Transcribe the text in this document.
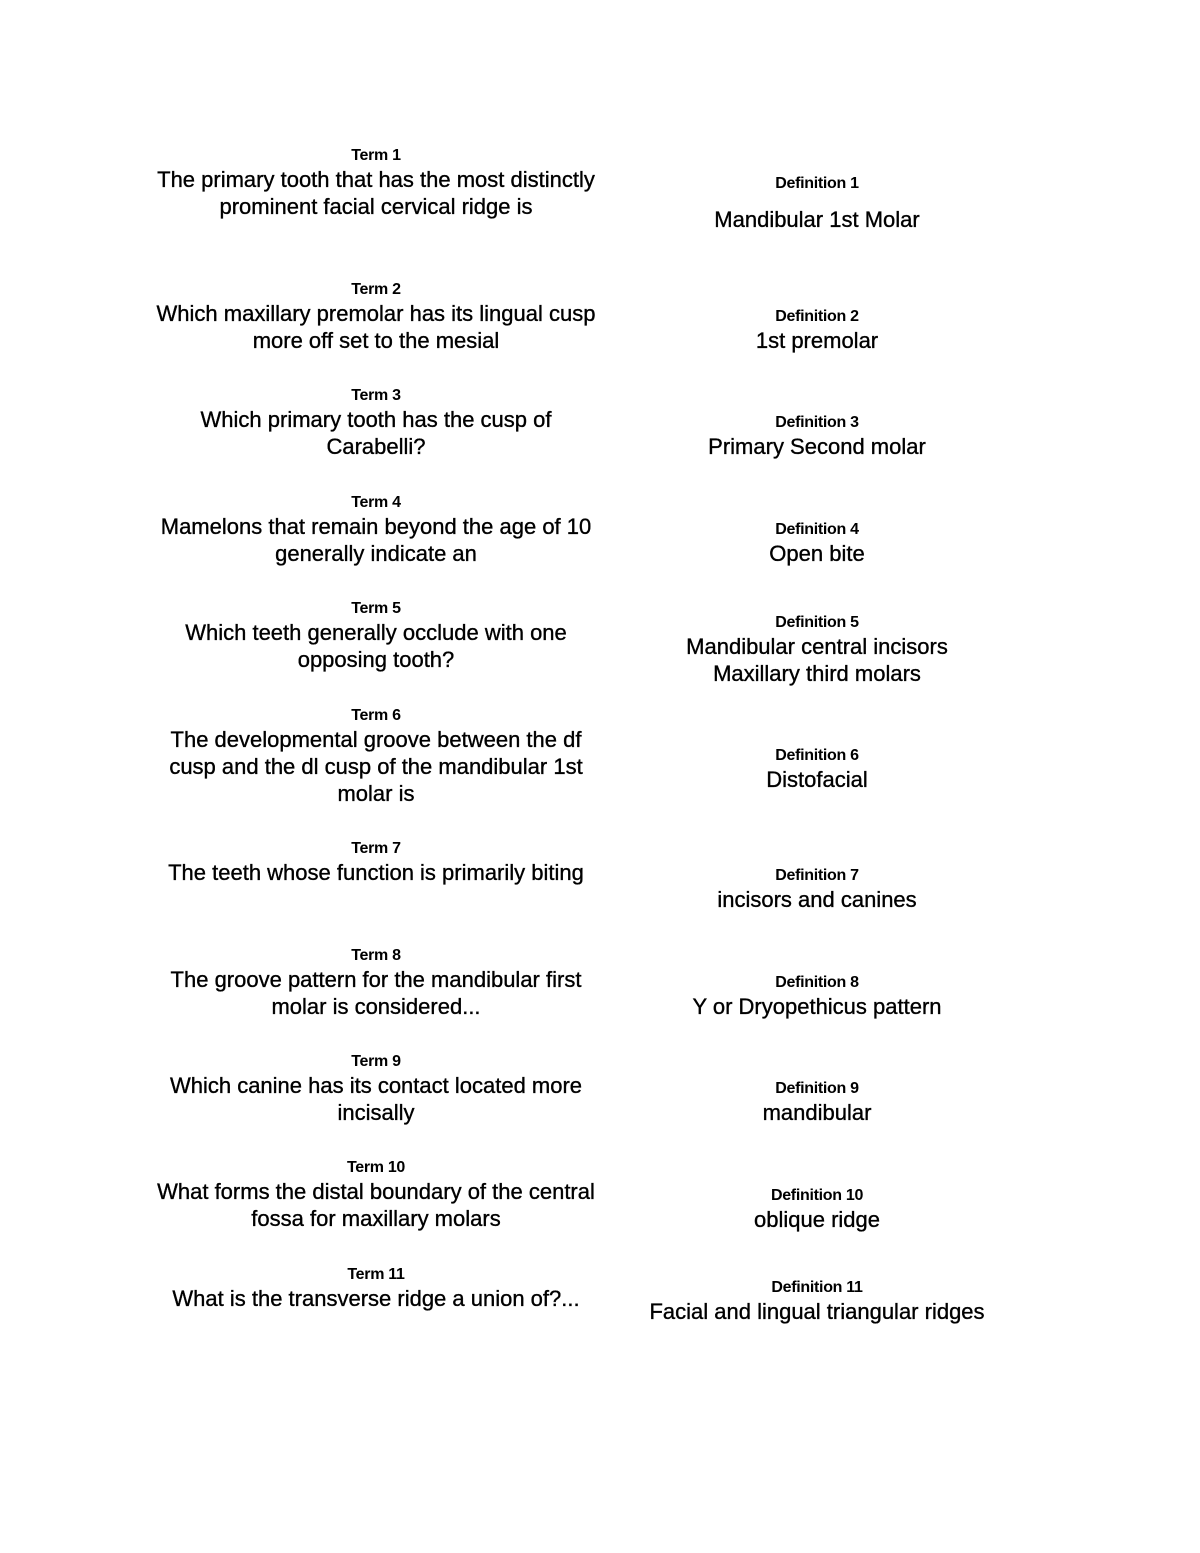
Term 1
The primary tooth that has the most distinctly prominent facial cervical ridge is
Definition 1
Mandibular 1st Molar
Term 2
Which maxillary premolar has its lingual cusp more off set to the mesial
Definition 2
1st premolar
Term 3
Which primary tooth has the cusp of Carabelli?
Definition 3
Primary Second molar
Term 4
Mamelons that remain beyond the age of 10 generally indicate an
Definition 4
Open bite
Term 5
Which teeth generally occlude with one opposing tooth?
Definition 5
Mandibular central incisors
Maxillary third molars
Term 6
The developmental groove between the df cusp and the dl cusp of the mandibular 1st molar is
Definition 6
Distofacial
Term 7
The teeth whose function is primarily biting	Definition 7
incisors and canines
Term 8
The groove pattern for the mandibular first molar is considered...
Definition 8
Y or Dryopethicus pattern
Term 9
Which canine has its contact located more incisally
Definition 9
mandibular
Term 10
What forms the distal boundary of the central fossa for maxillary molars
Definition 10
oblique ridge
Term 11
What is the transverse ridge a union of?...	Definition 11
Facial and lingual triangular ridges
